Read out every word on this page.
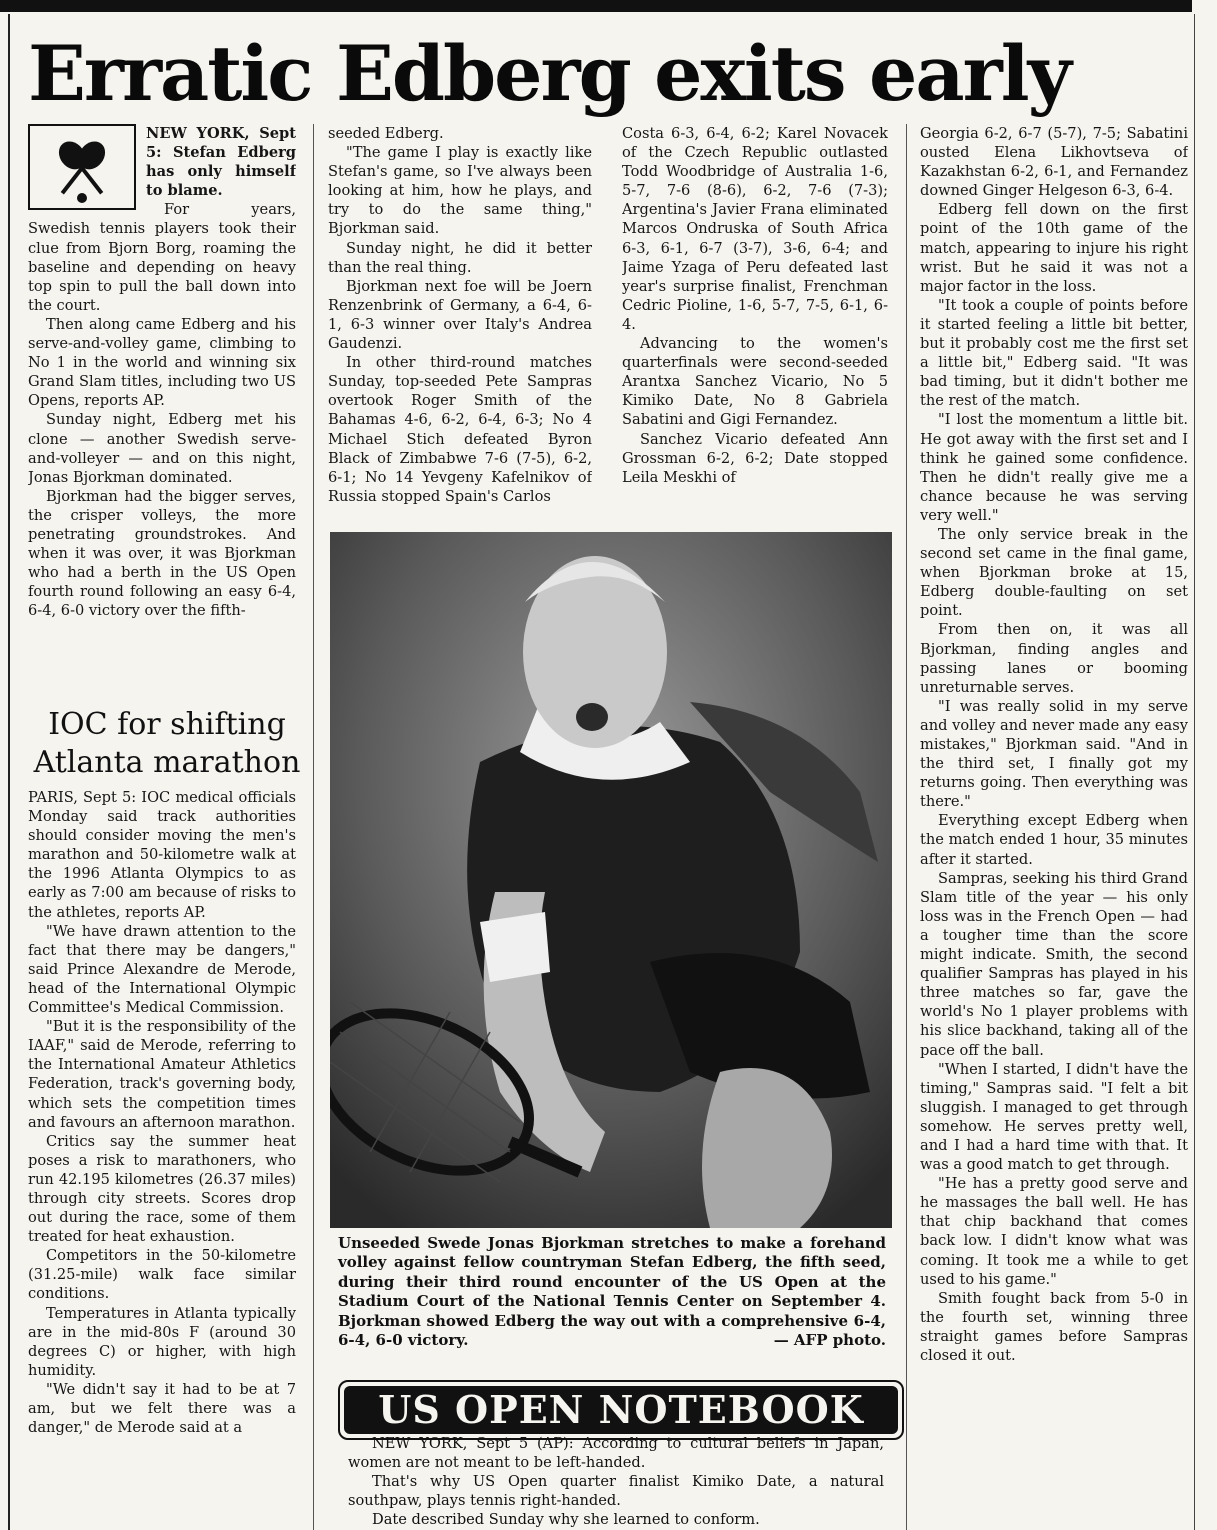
Erratic Edberg exits early

NEW YORK, Sept 5: Stefan Edberg has only himself to blame.

For years, Swedish tennis players took their clue from Bjorn Borg, roaming the baseline and depending on heavy top spin to pull the ball down into the court.

Then along came Edberg and his serve-and-volley game, climbing to No 1 in the world and winning six Grand Slam titles, including two US Opens, reports AP.

Sunday night, Edberg met his clone — another Swedish serve-and-volleyer — and on this night, Jonas Bjorkman dominated.

Bjorkman had the bigger serves, the crisper volleys, the more penetrating groundstrokes. And when it was over, it was Bjorkman who had a berth in the US Open fourth round following an easy 6-4, 6-4, 6-0 victory over the fifth-

IOC for shifting Atlanta marathon

PARIS, Sept 5: IOC medical officials Monday said track authorities should consider moving the men's marathon and 50-kilometre walk at the 1996 Atlanta Olympics to as early as 7:00 am because of risks to the athletes, reports AP.

"We have drawn attention to the fact that there may be dangers," said Prince Alexandre de Merode, head of the International Olympic Committee's Medical Commission.

"But it is the responsibility of the IAAF," said de Merode, referring to the International Amateur Athletics Federation, track's governing body, which sets the competition times and favours an afternoon marathon.

Critics say the summer heat poses a risk to marathoners, who run 42.195 kilometres (26.37 miles) through city streets. Scores drop out during the race, some of them treated for heat exhaustion.

Competitors in the 50-kilometre (31.25-mile) walk face similar conditions.

Temperatures in Atlanta typically are in the mid-80s F (around 30 degrees C) or higher, with high humidity.

"We didn't say it had to be at 7 am, but we felt there was a danger," de Merode said at a

seeded Edberg.

"The game I play is exactly like Stefan's game, so I've always been looking at him, how he plays, and try to do the same thing," Bjorkman said.

Sunday night, he did it better than the real thing.

Bjorkman next foe will be Joern Renzenbrink of Germany, a 6-4, 6-1, 6-3 winner over Italy's Andrea Gaudenzi.

In other third-round matches Sunday, top-seeded Pete Sampras overtook Roger Smith of the Bahamas 4-6, 6-2, 6-4, 6-3; No 4 Michael Stich defeated Byron Black of Zimbabwe 7-6 (7-5), 6-2, 6-1; No 14 Yevgeny Kafelnikov of Russia stopped Spain's Carlos

Costa 6-3, 6-4, 6-2; Karel Novacek of the Czech Republic outlasted Todd Woodbridge of Australia 1-6, 5-7, 7-6 (8-6), 6-2, 7-6 (7-3); Argentina's Javier Frana eliminated Marcos Ondruska of South Africa 6-3, 6-1, 6-7 (3-7), 3-6, 6-4; and Jaime Yzaga of Peru defeated last year's surprise finalist, Frenchman Cedric Pioline, 1-6, 5-7, 7-5, 6-1, 6-4.

Advancing to the women's quarterfinals were second-seeded Arantxa Sanchez Vicario, No 5 Kimiko Date, No 8 Gabriela Sabatini and Gigi Fernandez.

Sanchez Vicario defeated Ann Grossman 6-2, 6-2; Date stopped Leila Meskhi of

Unseeded Swede Jonas Bjorkman stretches to make a forehand volley against fellow countryman Stefan Edberg, the fifth seed, during their third round encounter of the US Open at the Stadium Court of the National Tennis Center on September 4. Bjorkman showed Edberg the way out with a comprehensive 6-4, 6-4, 6-0 victory.	— AFP photo.

Georgia 6-2, 6-7 (5-7), 7-5; Sabatini ousted Elena Likhovtseva of Kazakhstan 6-2, 6-1, and Fernandez downed Ginger Helgeson 6-3, 6-4.

Edberg fell down on the first point of the 10th game of the match, appearing to injure his right wrist. But he said it was not a major factor in the loss.

"It took a couple of points before it started feeling a little bit better, but it probably cost me the first set a little bit," Edberg said. "It was bad timing, but it didn't bother me the rest of the match.

"I lost the momentum a little bit. He got away with the first set and I think he gained some confidence. Then he didn't really give me a chance because he was serving very well."

The only service break in the second set came in the final game, when Bjorkman broke at 15, Edberg double-faulting on set point.

From then on, it was all Bjorkman, finding angles and passing lanes or booming unreturnable serves.

"I was really solid in my serve and volley and never made any easy mistakes," Bjorkman said. "And in the third set, I finally got my returns going. Then everything was there."

Everything except Edberg when the match ended 1 hour, 35 minutes after it started.

Sampras, seeking his third Grand Slam title of the year — his only loss was in the French Open — had a tougher time than the score might indicate. Smith, the second qualifier Sampras has played in his three matches so far, gave the world's No 1 player problems with his slice backhand, taking all of the pace off the ball.

"When I started, I didn't have the timing," Sampras said. "I felt a bit sluggish. I managed to get through somehow. He serves pretty well, and I had a hard time with that. It was a good match to get through.

"He has a pretty good serve and he massages the ball well. He has that chip backhand that comes back low. I didn't know what was coming. It took me a while to get used to his game."

Smith fought back from 5-0 in the fourth set, winning three straight games before Sampras closed it out.

US OPEN NOTEBOOK

NEW YORK, Sept 5 (AP): According to cultural beliefs in Japan, women are not meant to be left-handed.

That's why US Open quarter finalist Kimiko Date, a natural southpaw, plays tennis right-handed.

Date described Sunday why she learned to conform.
